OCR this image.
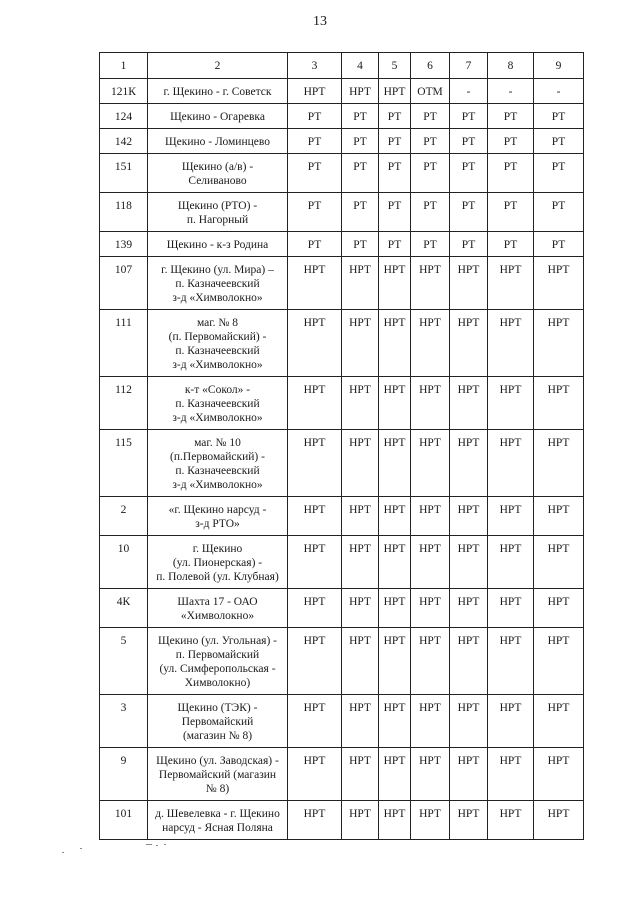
13
1	2	3	4	5	6	7	8	9
121К	г. Щекино - г. Советск	НРТ	НРТ	НРТ	ОТМ	-	-	-
124	Щекино - Огаревка	РТ	РТ	РТ	РТ	РТ	РТ	РТ
142	Щекино - Ломинцево	РТ	РТ	РТ	РТ	РТ	РТ	РТ
151	Щекино (а/в) -
Селиваново	РТ	РТ	РТ	РТ	РТ	РТ	РТ
118	Щекино (РТО) -
п. Нагорный	РТ	РТ	РТ	РТ	РТ	РТ	РТ
139	Щекино - к-з Родина	РТ	РТ	РТ	РТ	РТ	РТ	РТ
107	г. Щекино (ул. Мира) –
п. Казначеевский
з-д «Химволокно»	НРТ	НРТ	НРТ	НРТ	НРТ	НРТ	НРТ
111	маг. № 8
(п. Первомайский) -
п. Казначеевский
з-д «Химволокно»	НРТ	НРТ	НРТ	НРТ	НРТ	НРТ	НРТ
112	к-т «Сокол» -
п. Казначеевский
з-д «Химволокно»	НРТ	НРТ	НРТ	НРТ	НРТ	НРТ	НРТ
115	маг. № 10
(п.Первомайский) -
п. Казначеевский
з-д «Химволокно»	НРТ	НРТ	НРТ	НРТ	НРТ	НРТ	НРТ
2	«г. Щекино нарсуд -
з-д РТО»	НРТ	НРТ	НРТ	НРТ	НРТ	НРТ	НРТ
10	г. Щекино
(ул. Пионерская) -
п. Полевой (ул. Клубная)	НРТ	НРТ	НРТ	НРТ	НРТ	НРТ	НРТ
4К	Шахта 17 - ОАО
«Химволокно»	НРТ	НРТ	НРТ	НРТ	НРТ	НРТ	НРТ
5	Щекино (ул. Угольная) -
п. Первомайский
(ул. Симферопольская -
Химволокно)	НРТ	НРТ	НРТ	НРТ	НРТ	НРТ	НРТ
3	Щекино (ТЭК) -
Первомайский
(магазин № 8)	НРТ	НРТ	НРТ	НРТ	НРТ	НРТ	НРТ
9	Щекино (ул. Заводская) -
Первомайский (магазин
№ 8)	НРТ	НРТ	НРТ	НРТ	НРТ	НРТ	НРТ
101	д. Шевелевка - г. Щекино
нарсуд - Ясная Поляна	НРТ	НРТ	НРТ	НРТ	НРТ	НРТ	НРТ
